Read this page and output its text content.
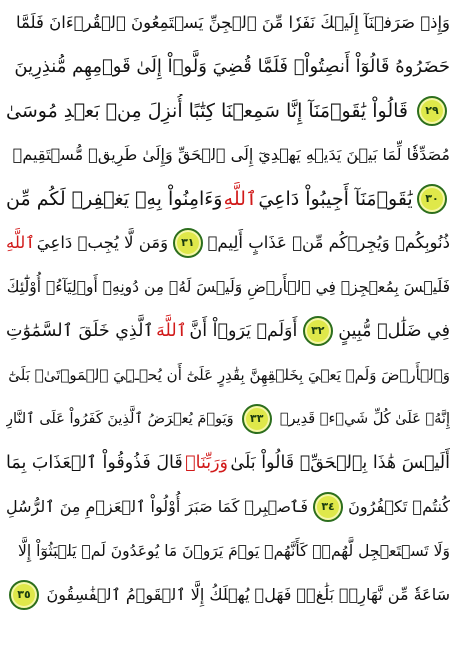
وَإِذۡ صَرَفۡنَآ إِلَيۡكَ نَفَرٗا مِّنَ ٱلۡجِنِّ يَسۡتَمِعُونَ ٱلۡقُرۡءَانَ فَلَمَّا
حَضَرُوهُ قَالُوٓاْ أَنصِتُواْۖ فَلَمَّا قُضِيَ وَلَّوۡاْ إِلَىٰ قَوۡمِهِم مُّنذِرِينَ
٢٩
قَالُواْ يَٰقَوۡمَنَآ إِنَّا سَمِعۡنَا كِتَٰبًا أُنزِلَ مِنۢ بَعۡدِ مُوسَىٰ
مُصَدِّقٗا لِّمَا بَيۡنَ يَدَيۡهِ يَهۡدِيٓ إِلَى ٱلۡحَقِّ وَإِلَىٰ طَرِيقٖ مُّسۡتَقِيمٖ
٣٠
يَٰقَوۡمَنَآ أَجِيبُواْ دَاعِيَ
ٱللَّهِ
وَءَامِنُواْ بِهِۦ يَغۡفِرۡ لَكُم مِّن
ذُنُوبِكُمۡ وَيُجِرۡكُم مِّنۡ عَذَابٍ أَلِيمٖ
٣١
وَمَن لَّا يُجِبۡ دَاعِيَ
ٱللَّهِ
فَلَيۡسَ بِمُعۡجِزٖ فِي ٱلۡأَرۡضِ وَلَيۡسَ لَهُۥ مِن دُونِهِۦٓ أَوۡلِيَآءُۚ أُوْلَٰٓئِكَ
فِي ضَلَٰلٖ مُّبِينٍ
٣٢
أَوَلَمۡ يَرَوۡاْ أَنَّ
ٱللَّهَ
ٱلَّذِي خَلَقَ ٱلسَّمَٰوَٰتِ
وَٱلۡأَرۡضَ وَلَمۡ يَعۡيَ بِخَلۡقِهِنَّ بِقَٰدِرٍ عَلَىٰٓ أَن يُحۡـِۧيَ ٱلۡمَوۡتَىٰۚ بَلَىٰٓ
إِنَّهُۥ عَلَىٰ كُلِّ شَيۡءٖ قَدِيرٞ
٣٣
وَيَوۡمَ يُعۡرَضُ ٱلَّذِينَ كَفَرُواْ عَلَى ٱلنَّارِ
أَلَيۡسَ هَٰذَا بِٱلۡحَقِّۖ قَالُواْ بَلَىٰ
وَرَبِّنَاۚ
قَالَ فَذُوقُواْ ٱلۡعَذَابَ بِمَا
كُنتُمۡ تَكۡفُرُونَ
٣٤
فَٱصۡبِرۡ كَمَا صَبَرَ أُوْلُواْ ٱلۡعَزۡمِ مِنَ ٱلرُّسُلِ
وَلَا تَسۡتَعۡجِل لَّهُمۡۚ كَأَنَّهُمۡ يَوۡمَ يَرَوۡنَ مَا يُوعَدُونَ لَمۡ يَلۡبَثُوٓاْ إِلَّا
سَاعَةٗ مِّن نَّهَارِۭۚ بَلَٰغٞۚ فَهَلۡ يُهۡلَكُ إِلَّا ٱلۡقَوۡمُ ٱلۡفَٰسِقُونَ
٣٥
